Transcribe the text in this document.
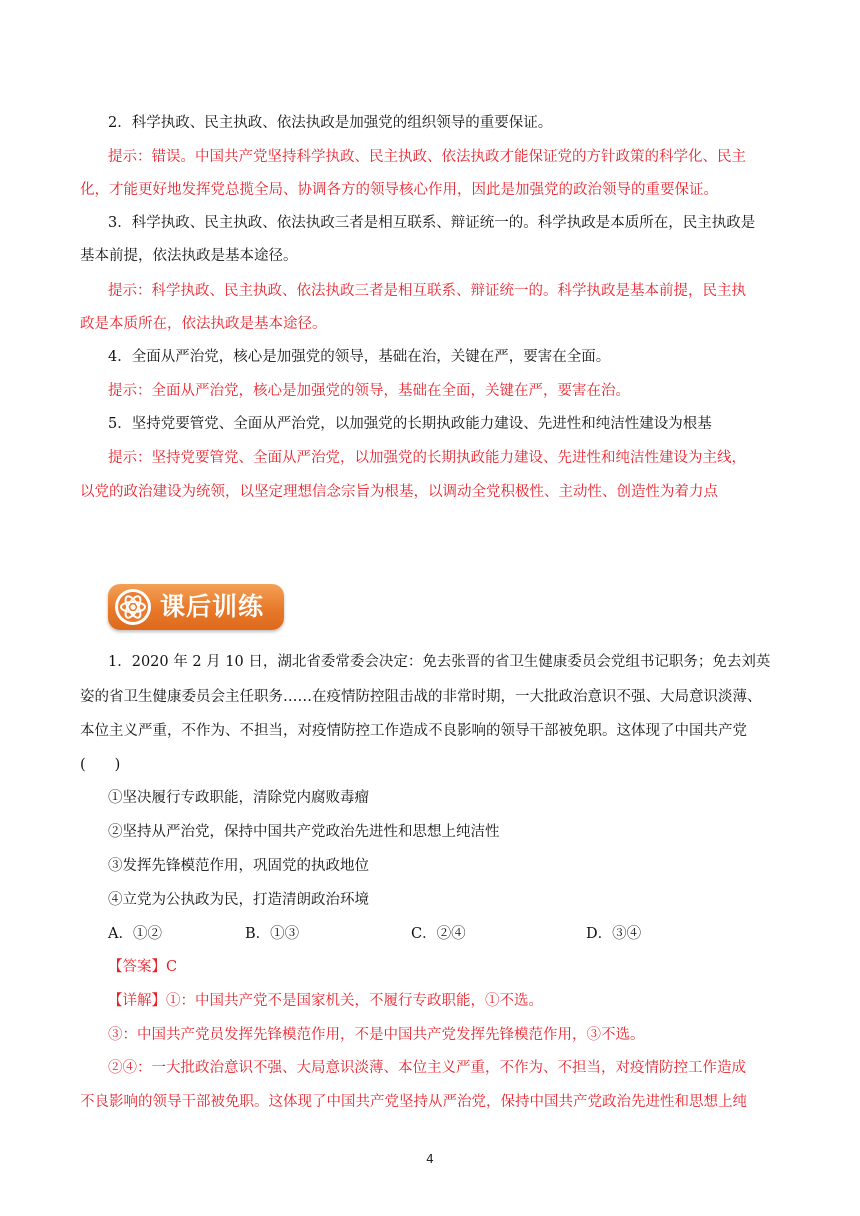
2．科学执政、民主执政、依法执政是加强党的组织领导的重要保证。
提示：错误。中国共产党坚持科学执政、民主执政、依法执政才能保证党的方针政策的科学化、民主
化，才能更好地发挥党总揽全局、协调各方的领导核心作用，因此是加强党的政治领导的重要保证。
3．科学执政、民主执政、依法执政三者是相互联系、辩证统一的。科学执政是本质所在，民主执政是
基本前提，依法执政是基本途径。
提示：科学执政、民主执政、依法执政三者是相互联系、辩证统一的。科学执政是基本前提，民主执
政是本质所在，依法执政是基本途径。
4．全面从严治党，核心是加强党的领导，基础在治，关键在严，要害在全面。
提示：全面从严治党，核心是加强党的领导，基础在全面，关键在严，要害在治。
5．坚持党要管党、全面从严治党，以加强党的长期执政能力建设、先进性和纯洁性建设为根基
提示：坚持党要管党、全面从严治党，以加强党的长期执政能力建设、先进性和纯洁性建设为主线，
以党的政治建设为统领，以坚定理想信念宗旨为根基，以调动全党积极性、主动性、创造性为着力点
课后训练
1．2020 年 2 月 10 日，湖北省委常委会决定：免去张晋的省卫生健康委员会党组书记职务；免去刘英
姿的省卫生健康委员会主任职务……在疫情防控阻击战的非常时期，一大批政治意识不强、大局意识淡薄、
本位主义严重，不作为、不担当，对疫情防控工作造成不良影响的领导干部被免职。这体现了中国共产党
(　　)
①坚决履行专政职能，清除党内腐败毒瘤
②坚持从严治党，保持中国共产党政治先进性和思想上纯洁性
③发挥先锋模范作用，巩固党的执政地位
④立党为公执政为民，打造清朗政治环境
A．①②	B．①③	C．②④	D．③④
【答案】C
【详解】①：中国共产党不是国家机关，不履行专政职能，①不选。
③：中国共产党员发挥先锋模范作用，不是中国共产党发挥先锋模范作用，③不选。
②④：一大批政治意识不强、大局意识淡薄、本位主义严重，不作为、不担当，对疫情防控工作造成
不良影响的领导干部被免职。这体现了中国共产党坚持从严治党，保持中国共产党政治先进性和思想上纯
4
